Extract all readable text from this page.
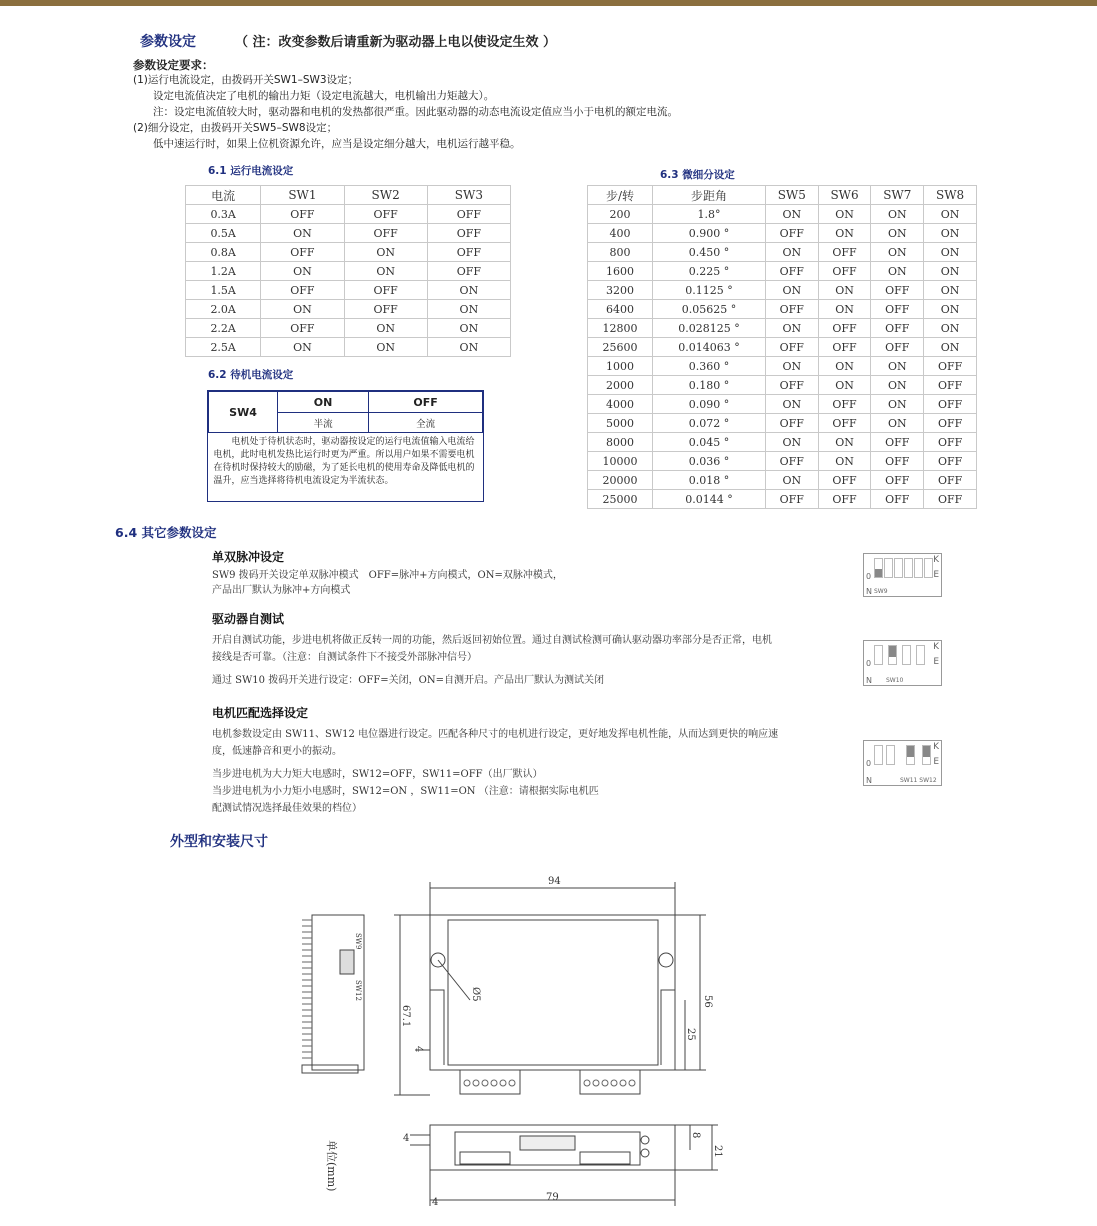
参数设定	（ 注：改变参数后请重新为驱动器上电以使设定生效 ）
参数设定要求：
(1)运行电流设定，由拨码开关SW1–SW3设定；
设定电流值决定了电机的输出力矩（设定电流越大，电机输出力矩越大）。
注：设定电流值较大时，驱动器和电机的发热都很严重。因此驱动器的动态电流设定值应当小于电机的额定电流。
(2)细分设定，由拨码开关SW5–SW8设定；
低中速运行时，如果上位机资源允许，应当是设定细分越大，电机运行越平稳。
6.1 运行电流设定
电流	SW1	SW2	SW3
0.3A	OFF	OFF	OFF
0.5A	ON	OFF	OFF
0.8A	OFF	ON	OFF
1.2A	ON	ON	OFF
1.5A	OFF	OFF	ON
2.0A	ON	OFF	ON
2.2A	OFF	ON	ON
2.5A	ON	ON	ON
6.2 待机电流设定
SW4	ON	OFF
	半流	全流
电机处于待机状态时，驱动器按设定的运行电流值输入电流给电机，此时电机发热比运行时更为严重。所以用户如果不需要电机在待机时保持较大的励磁，为了延长电机的使用寿命及降低电机的温升，应当选择将待机电流设定为半流状态。		
6.3 微细分设定
步/转	步距角	SW5	SW6	SW7	SW8
200	1.8°	ON	ON	ON	ON
400	0.900 °	OFF	ON	ON	ON
800	0.450 °	ON	OFF	ON	ON
1600	0.225 °	OFF	OFF	ON	ON
3200	0.1125 °	ON	ON	OFF	ON
6400	0.05625 °	OFF	ON	OFF	ON
12800	0.028125 °	ON	OFF	OFF	ON
25600	0.014063 °	OFF	OFF	OFF	ON
1000	0.360 °	ON	ON	ON	OFF
2000	0.180 °	OFF	ON	ON	OFF
4000	0.090 °	ON	OFF	ON	OFF
5000	0.072 °	OFF	OFF	ON	OFF
8000	0.045 °	ON	ON	OFF	OFF
10000	0.036 °	OFF	ON	OFF	OFF
20000	0.018 °	ON	OFF	OFF	OFF
25000	0.0144 °	OFF	OFF	OFF	OFF
6.4 其它参数设定
单双脉冲设定
SW9 拨码开关设定单双脉冲模式　OFF=脉冲+方向模式，ON=双脉冲模式，
产品出厂默认为脉冲+方向模式
驱动器自测试
开启自测试功能，步进电机将做正反转一周的功能，然后返回初始位置。通过自测试检测可确认驱动器功率部分是否正常，电机
接线是否可靠。（注意：自测试条件下不接受外部脉冲信号）
通过 SW10 拨码开关进行设定：OFF=关闭，ON=自测开启。产品出厂默认为测试关闭
电机匹配选择设定
电机参数设定由 SW11、SW12 电位器进行设定。匹配各种尺寸的电机进行设定，更好地发挥电机性能，从而达到更快的响应速
度，低速静音和更小的振动。
当步进电机为大力矩大电感时，SW12=OFF，SW11=OFF（出厂默认）
当步进电机为小力矩小电感时，SW12=ON ，SW11=ON （注意：请根据实际电机匹
配测试情况选择最佳效果的档位）
K
E
0
N SW9
K
E
0
N SW10
K
E
0
N	SW11 SW12
外型和安装尺寸
94
56
67.1
25
4
Ø5
8
21
4
4	79
SW9
SW12
单位(mm)
